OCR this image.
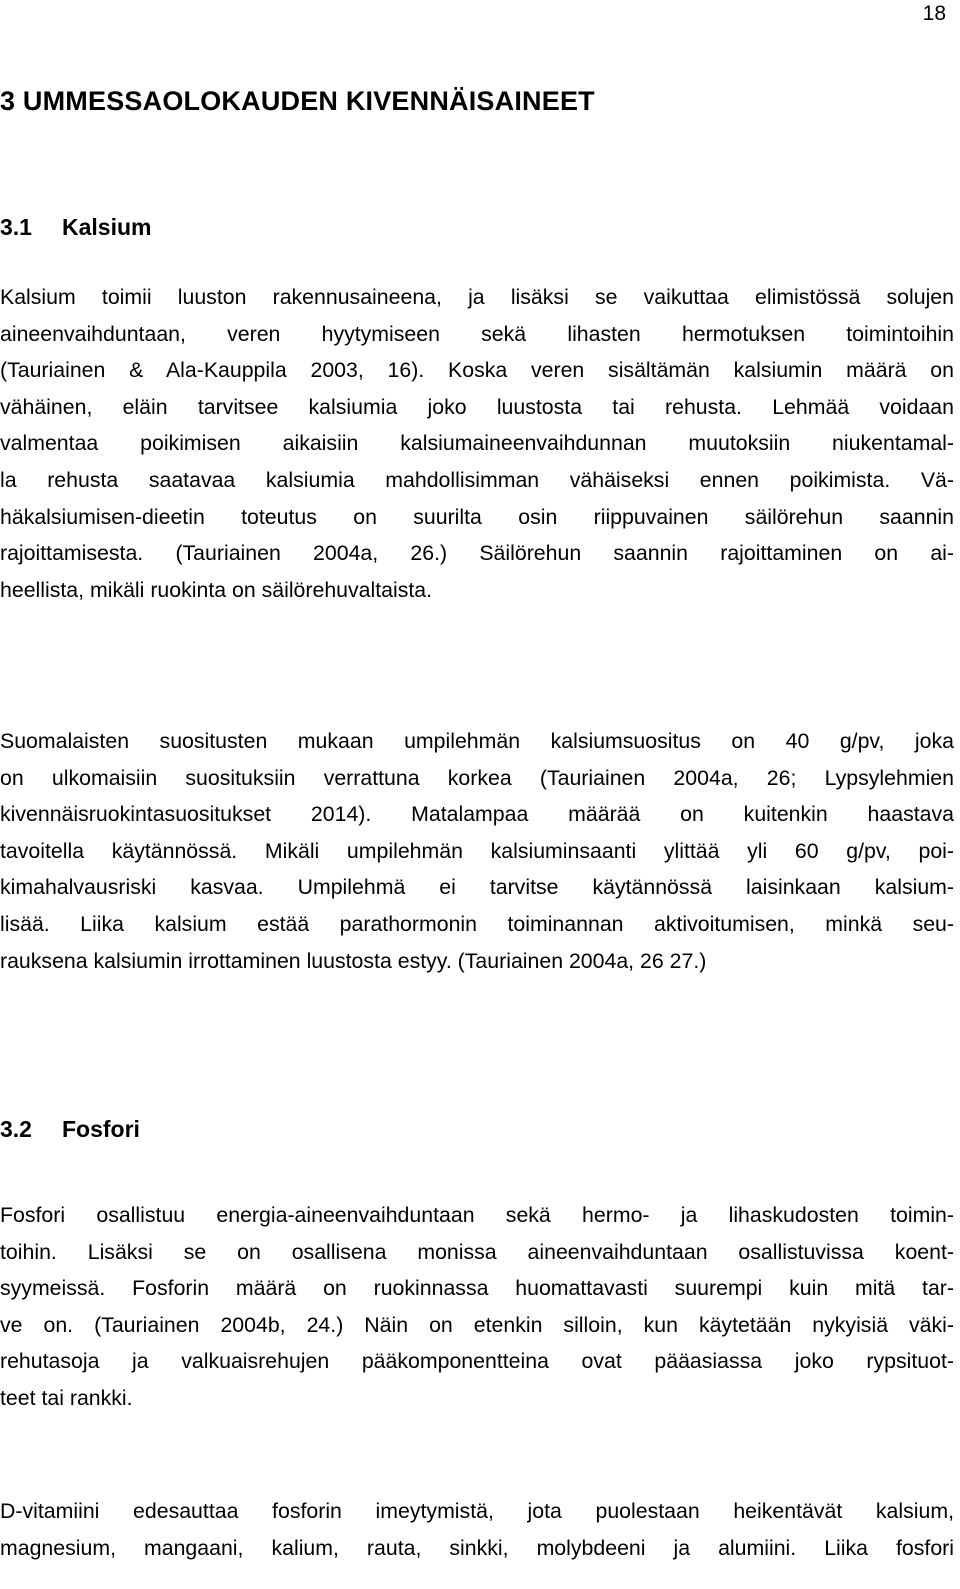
18
3 UMMESSAOLOKAUDEN KIVENNÄISAINEET
3.1 Kalsium

Kalsium toimii luuston rakennusaineena, ja lisäksi se vaikuttaa elimistössä solujen
aineenvaihduntaan, veren hyytymiseen sekä lihasten hermotuksen toimintoihin
(Tauriainen & Ala-Kauppila 2003, 16). Koska veren sisältämän kalsiumin määrä on
vähäinen, eläin tarvitsee kalsiumia joko luustosta tai rehusta. Lehmää voidaan
valmentaa poikimisen aikaisiin kalsiumaineenvaihdunnan muutoksiin niukentamal-
la rehusta saatavaa kalsiumia mahdollisimman vähäiseksi ennen poikimista. Vä-
häkalsiumisen-dieetin toteutus on suurilta osin riippuvainen säilörehun saannin
rajoittamisesta. (Tauriainen 2004a, 26.) Säilörehun saannin rajoittaminen on ai-
heellista, mikäli ruokinta on säilörehuvaltaista.

Suomalaisten suositusten mukaan umpilehmän kalsiumsuositus on 40 g/pv, joka
on ulkomaisiin suosituksiin verrattuna korkea (Tauriainen 2004a, 26; Lypsylehmien
kivennäisruokintasuositukset 2014). Matalampaa määrää on kuitenkin haastava
tavoitella käytännössä. Mikäli umpilehmän kalsiuminsaanti ylittää yli 60 g/pv, poi-
kimahalvausriski kasvaa. Umpilehmä ei tarvitse käytännössä laisinkaan kalsium-
lisää. Liika kalsium estää parathormonin toiminannan aktivoitumisen, minkä seu-
rauksena kalsiumin irrottaminen luustosta estyy. (Tauriainen 2004a, 26 27.)

3.2 Fosfori

Fosfori osallistuu energia-aineenvaihduntaan sekä hermo- ja lihaskudosten toimin-
toihin. Lisäksi se on osallisena monissa aineenvaihduntaan osallistuvissa koent-
syymeissä. Fosforin määrä on ruokinnassa huomattavasti suurempi kuin mitä tar-
ve on. (Tauriainen 2004b, 24.) Näin on etenkin silloin, kun käytetään nykyisiä väki-
rehutasoja ja valkuaisrehujen pääkomponentteina ovat pääasiassa joko rypsituot-
teet tai rankki.

D-vitamiini edesauttaa fosforin imeytymistä, jota puolestaan heikentävät kalsium,
magnesium, mangaani, kalium, rauta, sinkki, molybdeeni ja alumiini. Liika fosfori
